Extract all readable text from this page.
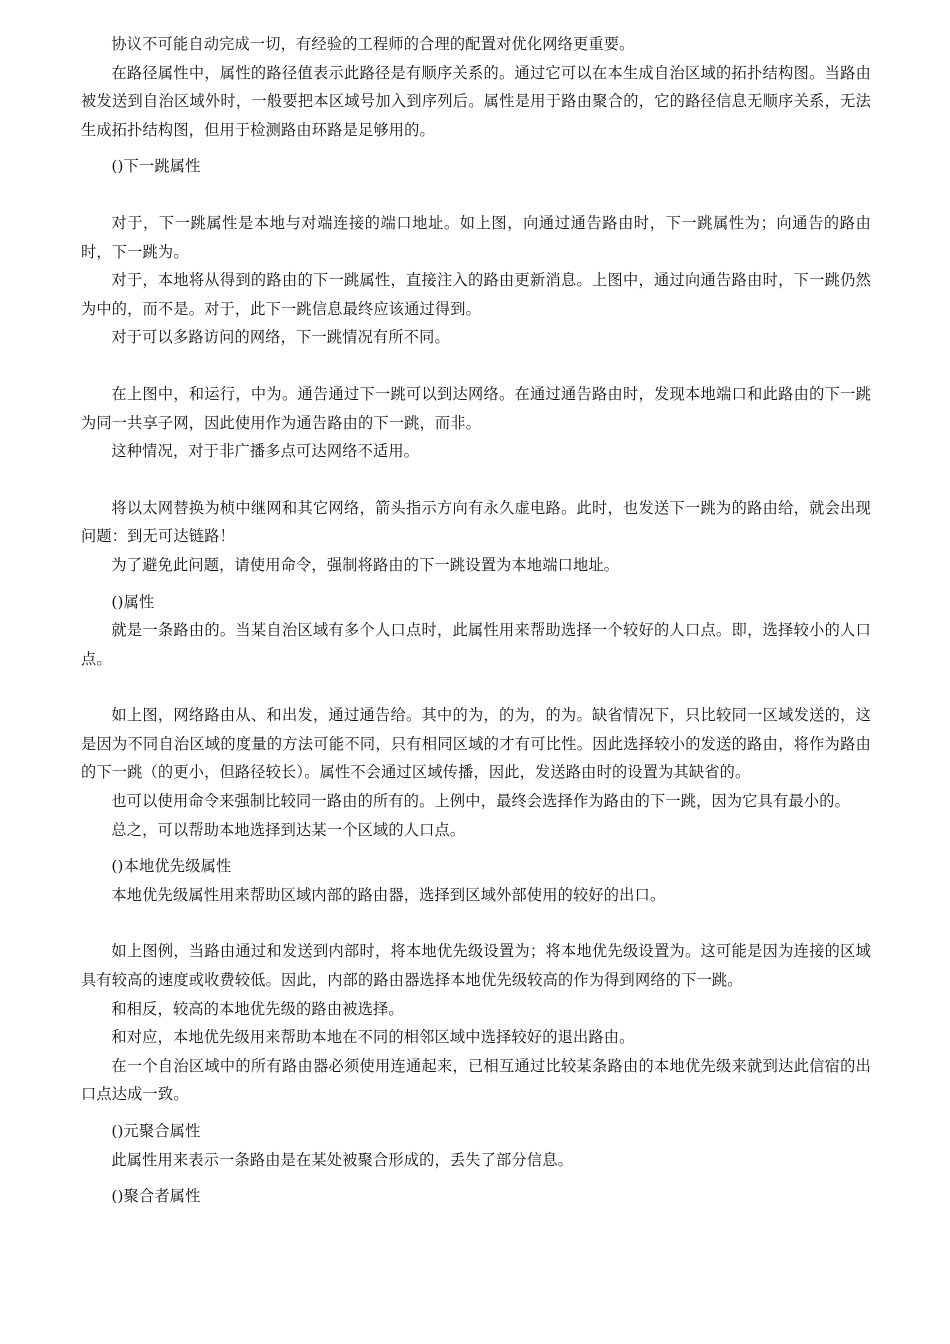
协议不可能自动完成一切，有经验的工程师的合理的配置对优化网络更重要。

在路径属性中，属性的路径值表示此路径是有顺序关系的。通过它可以在本生成自治区域的拓扑结构图。当路由被发送到自治区域外时，一般要把本区域号加入到序列后。属性是用于路由聚合的，它的路径信息无顺序关系，无法生成拓扑结构图，但用于检测路由环路是足够用的。

()下一跳属性

对于，下一跳属性是本地与对端连接的端口地址。如上图，向通过通告路由时，下一跳属性为；向通告的路由时，下一跳为。

对于，本地将从得到的路由的下一跳属性，直接注入的路由更新消息。上图中，通过向通告路由时，下一跳仍然为中的，而不是。对于，此下一跳信息最终应该通过得到。

对于可以多路访问的网络，下一跳情况有所不同。

在上图中，和运行，中为。通告通过下一跳可以到达网络。在通过通告路由时，发现本地端口和此路由的下一跳为同一共享子网，因此使用作为通告路由的下一跳，而非。

这种情况，对于非广播多点可达网络不适用。

将以太网替换为桢中继网和其它网络，箭头指示方向有永久虚电路。此时，也发送下一跳为的路由给，就会出现问题：到无可达链路！

为了避免此问题，请使用命令，强制将路由的下一跳设置为本地端口地址。

()属性

就是一条路由的。当某自治区域有多个人口点时，此属性用来帮助选择一个较好的人口点。即，选择较小的人口点。

如上图，网络路由从、和出发，通过通告给。其中的为，的为，的为。缺省情况下，只比较同一区域发送的，这是因为不同自治区域的度量的方法可能不同，只有相同区域的才有可比性。因此选择较小的发送的路由，将作为路由的下一跳（的更小，但路径较长）。属性不会通过区域传播，因此，发送路由时的设置为其缺省的。

也可以使用命令来强制比较同一路由的所有的。上例中，最终会选择作为路由的下一跳，因为它具有最小的。

总之，可以帮助本地选择到达某一个区域的人口点。

()本地优先级属性

本地优先级属性用来帮助区域内部的路由器，选择到区域外部使用的较好的出口。

如上图例，当路由通过和发送到内部时，将本地优先级设置为；将本地优先级设置为。这可能是因为连接的区域具有较高的速度或收费较低。因此，内部的路由器选择本地优先级较高的作为得到网络的下一跳。

和相反，较高的本地优先级的路由被选择。

和对应，本地优先级用来帮助本地在不同的相邻区域中选择较好的退出路由。

在一个自治区域中的所有路由器必须使用连通起来，已相互通过比较某条路由的本地优先级来就到达此信宿的出口点达成一致。

()元聚合属性

此属性用来表示一条路由是在某处被聚合形成的，丢失了部分信息。

()聚合者属性
